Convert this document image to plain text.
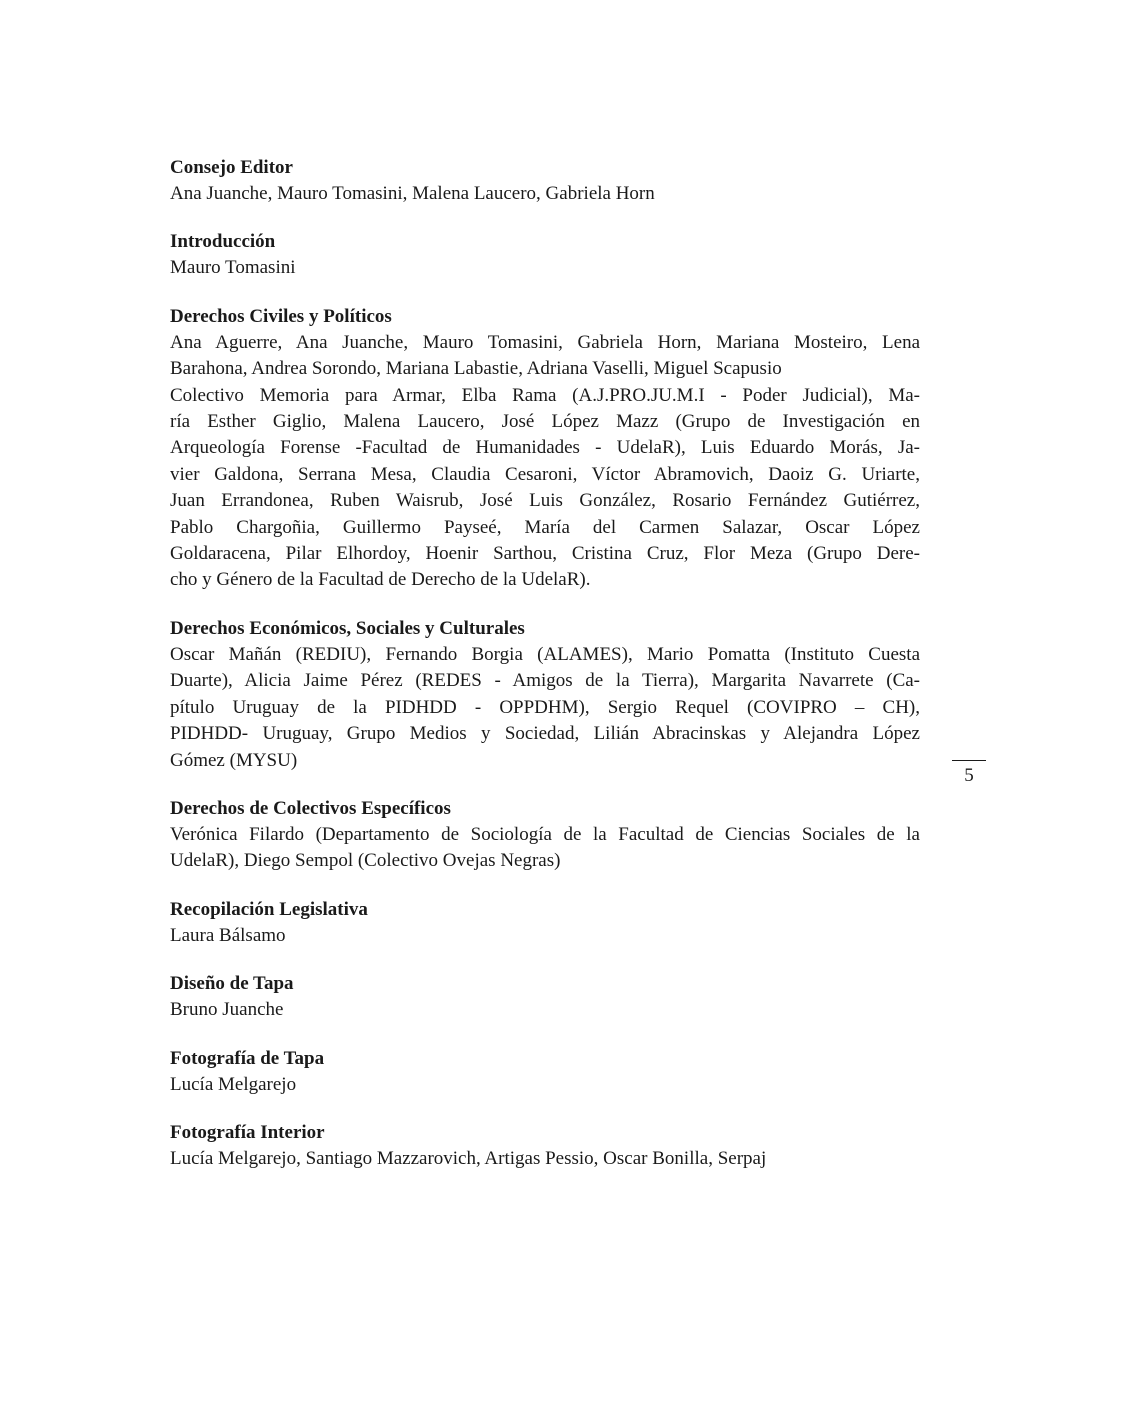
Consejo Editor

Ana Juanche, Mauro Tomasini, Malena Laucero, Gabriela Horn

Introducción

Mauro Tomasini

Derechos Civiles y Políticos

Ana Aguerre, Ana Juanche, Mauro Tomasini, Gabriela Horn, Mariana Mosteiro, Lena
Barahona, Andrea Sorondo, Mariana Labastie, Adriana Vaselli, Miguel Scapusio
Colectivo Memoria para Armar, Elba Rama (A.J.PRO.JU.M.I - Poder Judicial), Ma-
ría Esther Giglio, Malena Laucero, José López Mazz (Grupo de Investigación en
Arqueología Forense -Facultad de Humanidades - UdelaR), Luis Eduardo Morás, Ja-
vier Galdona, Serrana Mesa, Claudia Cesaroni, Víctor Abramovich, Daoiz G. Uriarte,
Juan Errandonea, Ruben Waisrub, José Luis González, Rosario Fernández Gutiérrez,
Pablo Chargoñia, Guillermo Payseé, María del Carmen Salazar, Oscar López
Goldaracena, Pilar Elhordoy, Hoenir Sarthou, Cristina Cruz, Flor Meza (Grupo Dere-
cho y Género de la Facultad de Derecho de la UdelaR).

Derechos Económicos, Sociales y Culturales

Oscar Mañán (REDIU), Fernando Borgia (ALAMES), Mario Pomatta (Instituto Cuesta
Duarte), Alicia Jaime Pérez (REDES - Amigos de la Tierra), Margarita Navarrete (Ca-
pítulo Uruguay de la PIDHDD - OPPDHM), Sergio Requel (COVIPRO – CH),
PIDHDD- Uruguay, Grupo Medios y Sociedad, Lilián Abracinskas y Alejandra López
Gómez (MYSU)

Derechos de Colectivos Específicos

Verónica Filardo (Departamento de Sociología de la Facultad de Ciencias Sociales de la
UdelaR), Diego Sempol (Colectivo Ovejas Negras)

Recopilación Legislativa

Laura Bálsamo

Diseño de Tapa

Bruno Juanche

Fotografía de Tapa

Lucía Melgarejo

Fotografía Interior

Lucía Melgarejo, Santiago Mazzarovich, Artigas Pessio, Oscar Bonilla, Serpaj

5
